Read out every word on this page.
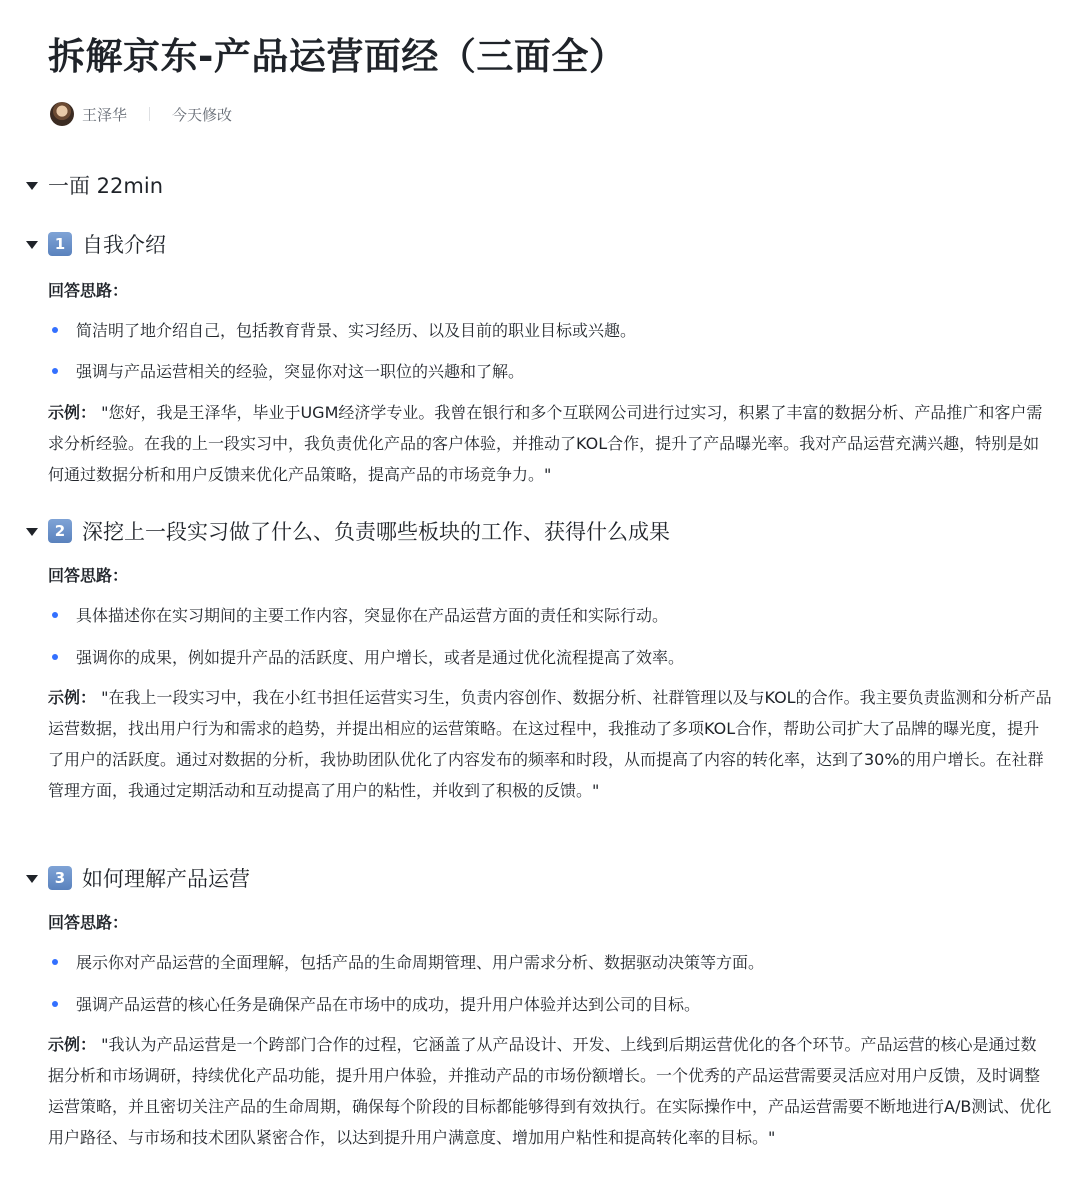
拆解京东-产品运营面经（三面全）
王泽华	今天修改
一面 22min
1 自我介绍
回答思路：
简洁明了地介绍自己，包括教育背景、实习经历、以及目前的职业目标或兴趣。
强调与产品运营相关的经验，突显你对这一职位的兴趣和了解。
示例： "您好，我是王泽华，毕业于UGM经济学专业。我曾在银行和多个互联网公司进行过实习，积累了丰富的数据分析、产品推广和客户需求分析经验。在我的上一段实习中，我负责优化产品的客户体验，并推动了KOL合作，提升了产品曝光率。我对产品运营充满兴趣，特别是如何通过数据分析和用户反馈来优化产品策略，提高产品的市场竞争力。"
2 深挖上一段实习做了什么、负责哪些板块的工作、获得什么成果
回答思路：
具体描述你在实习期间的主要工作内容，突显你在产品运营方面的责任和实际行动。
强调你的成果，例如提升产品的活跃度、用户增长，或者是通过优化流程提高了效率。
示例： "在我上一段实习中，我在小红书担任运营实习生，负责内容创作、数据分析、社群管理以及与KOL的合作。我主要负责监测和分析产品运营数据，找出用户行为和需求的趋势，并提出相应的运营策略。在这过程中，我推动了多项KOL合作，帮助公司扩大了品牌的曝光度，提升了用户的活跃度。通过对数据的分析，我协助团队优化了内容发布的频率和时段，从而提高了内容的转化率，达到了30%的用户增长。在社群管理方面，我通过定期活动和互动提高了用户的粘性，并收到了积极的反馈。"
3 如何理解产品运营
回答思路：
展示你对产品运营的全面理解，包括产品的生命周期管理、用户需求分析、数据驱动决策等方面。
强调产品运营的核心任务是确保产品在市场中的成功，提升用户体验并达到公司的目标。
示例： "我认为产品运营是一个跨部门合作的过程，它涵盖了从产品设计、开发、上线到后期运营优化的各个环节。产品运营的核心是通过数据分析和市场调研，持续优化产品功能，提升用户体验，并推动产品的市场份额增长。一个优秀的产品运营需要灵活应对用户反馈，及时调整运营策略，并且密切关注产品的生命周期，确保每个阶段的目标都能够得到有效执行。在实际操作中，产品运营需要不断地进行A/B测试、优化用户路径、与市场和技术团队紧密合作，以达到提升用户满意度、增加用户粘性和提高转化率的目标。"
